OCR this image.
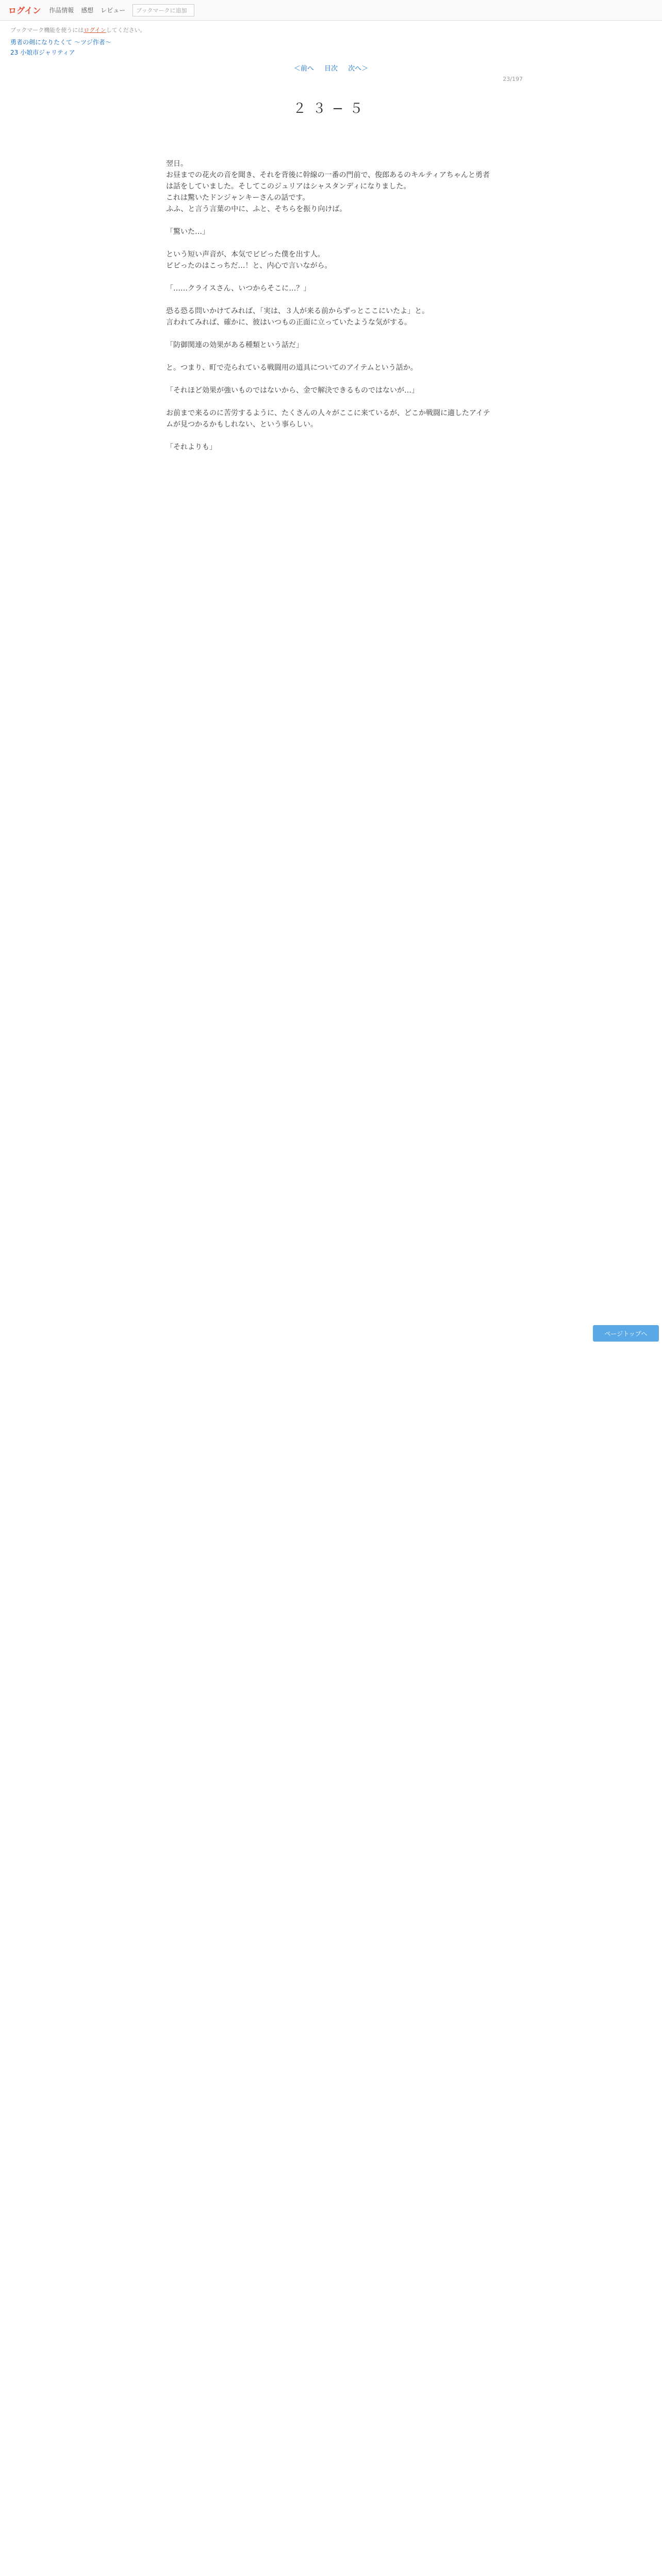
ログイン 作品情報 感想 レビュー	ブックマークに追加
ブックマーク機能を使うにはログインしてください。
勇者の剣になりたくて 〜ツジ作者〜
23 小娘市ジャリティア
＜前へ 目次 次へ＞
23/197
２３−５

翌日。
お昼までの花火の音を聞き、それを背後に幹線の一番の門前で、俊郎あるのキルティアちゃんと勇者は話をしていました。そしてこのジュリアはシャスタンディになりました。
これは驚いたドンジャンキーさんの話です。
ふふ、と言う言葉の中に、ふと、そちらを振り向けば。

「驚いた…」

という短い声音が、本気でビビった僕を出す人。
ビビったのはこっちだ…！と、内心で言いながら。

「……クライスさん、いつからそこに…？」

恐る恐る問いかけてみれば、「実は、３人が来る前からずっとここにいたよ」と。
言われてみれば、確かに、彼はいつもの正面に立っていたような気がする。

「防御関連の効果がある種類という話だ」

と。つまり、町で売られている戦闘用の道具についてのアイテムという話か。

「それほど効果が強いものではないから、金で解決できるものではないが…」

お前まで来るのに苦労するように、たくさんの人々がここに来ているが、どこか戦闘に適したアイテムが見つかるかもしれない、という事らしい。

「それよりも」

ページトップへ
